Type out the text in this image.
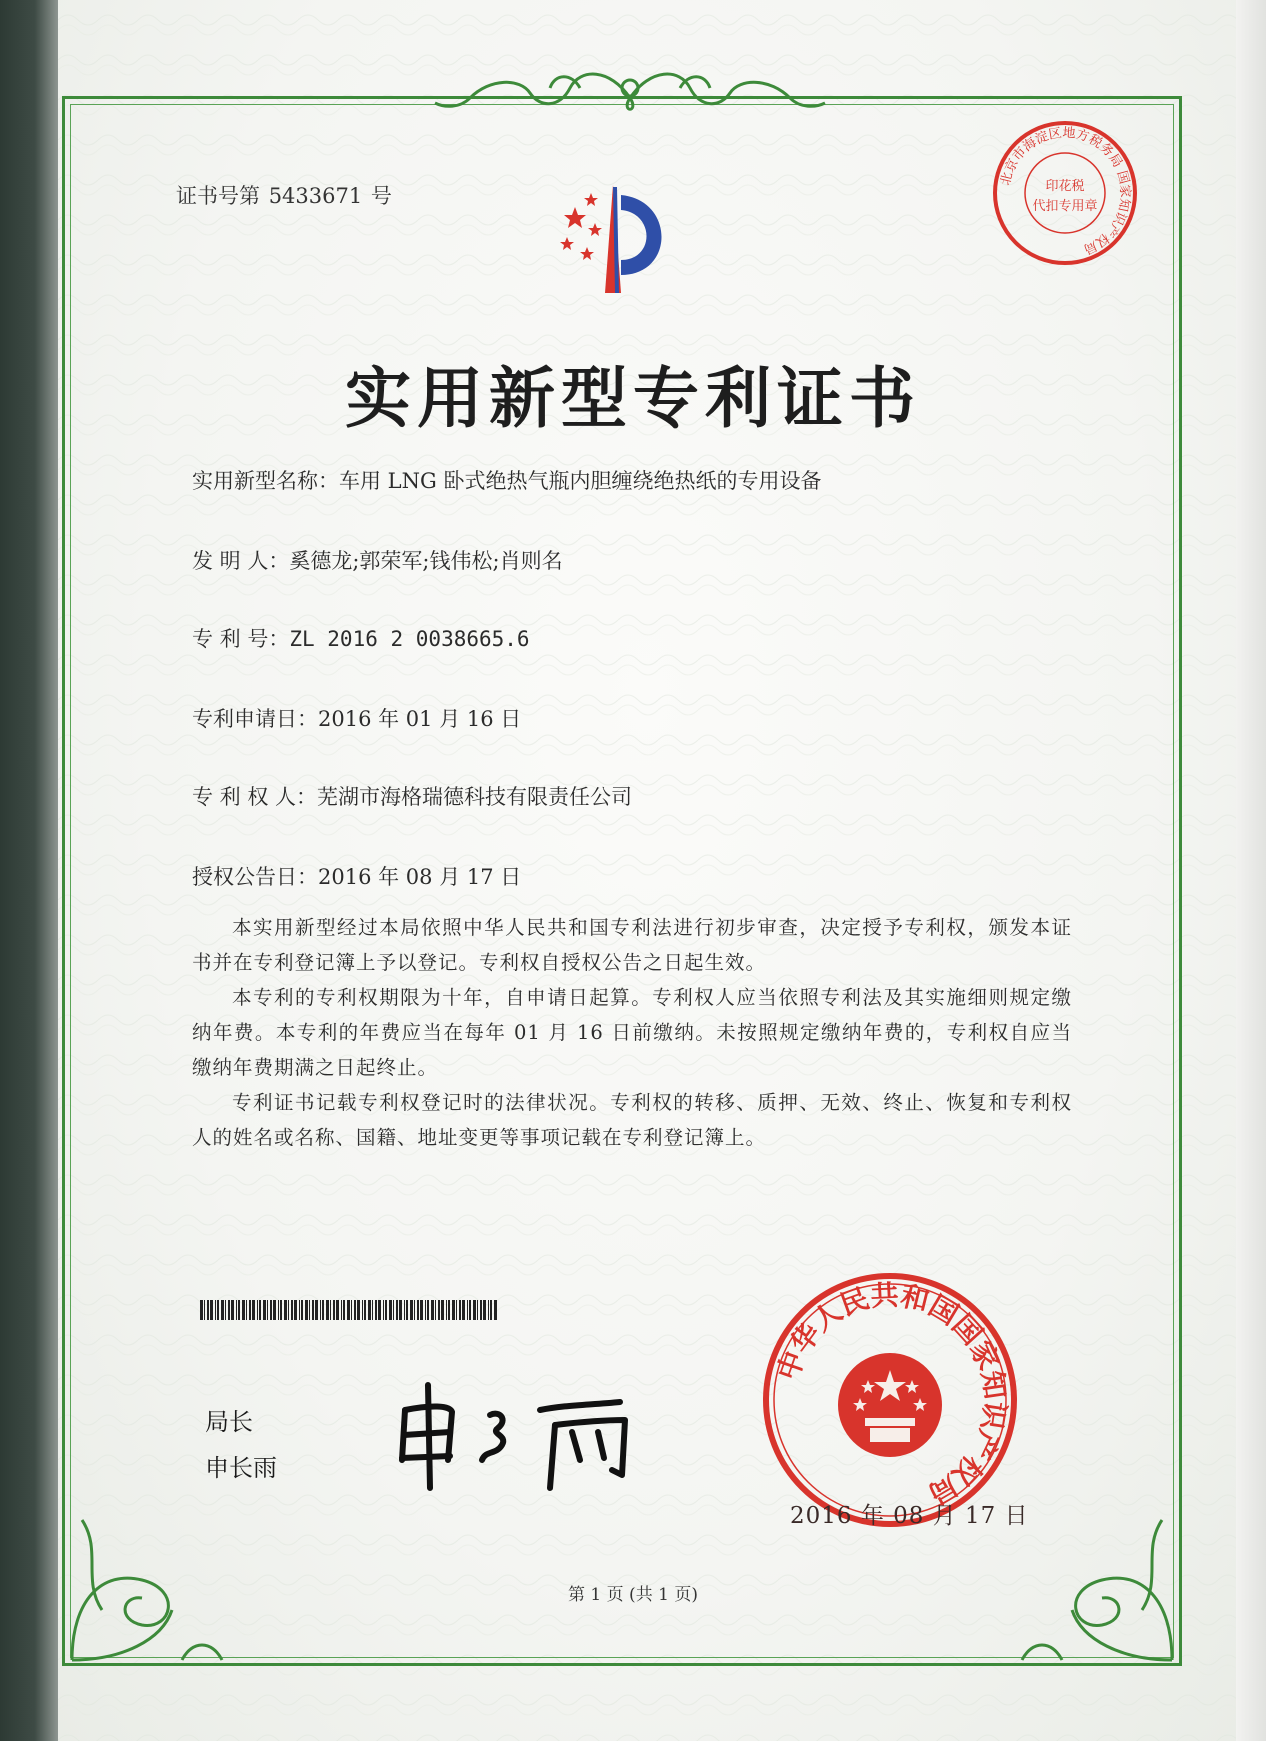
证书号第 5433671 号
实用新型专利证书
北京市海淀区地方税务局 国家知识产权局
印花税
代扣专用章
实用新型名称：车用 LNG 卧式绝热气瓶内胆缠绕绝热纸的专用设备
发 明 人：奚德龙;郭荣军;钱伟松;肖则名
专 利 号：ZL 2016 2 0038665.6
专利申请日：2016 年 01 月 16 日
专 利 权 人：芜湖市海格瑞德科技有限责任公司
授权公告日：2016 年 08 月 17 日

本实用新型经过本局依照中华人民共和国专利法进行初步审查，决定授予专利权，颁发本证书并在专利登记簿上予以登记。专利权自授权公告之日起生效。

本专利的专利权期限为十年，自申请日起算。专利权人应当依照专利法及其实施细则规定缴纳年费。本专利的年费应当在每年 01 月 16 日前缴纳。未按照规定缴纳年费的，专利权自应当缴纳年费期满之日起终止。

专利证书记载专利权登记时的法律状况。专利权的转移、质押、无效、终止、恢复和专利权人的姓名或名称、国籍、地址变更等事项记载在专利登记簿上。

局长
申长雨
中华人民共和国国家知识产权局
2016 年 08 月 17 日
第 1 页 (共 1 页)
